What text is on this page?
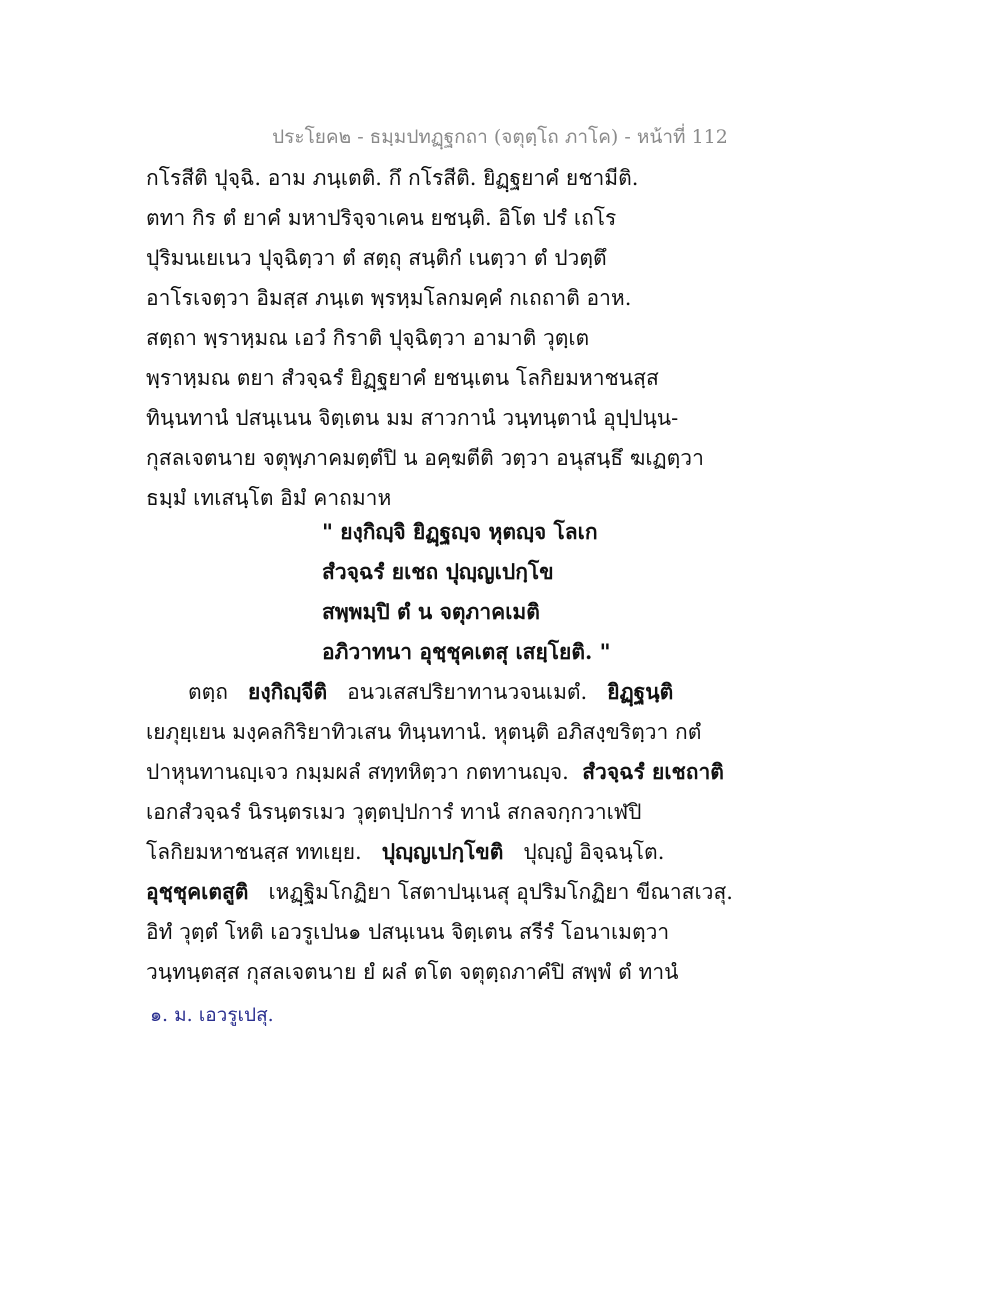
ประโยค๒ - ธมฺมปทฏฺฐกถา (จตุตฺโถ ภาโค) - หน้าที่ 112
กโรสีติ ปุจฺฉิ. อาม ภนฺเตติ. กึ กโรสีติ. ยิฏฺฐยาคํ ยชามีติ.
ตทา กิร ตํ ยาคํ มหาปริจฺจาเคน ยชนฺติ. อิโต ปรํ เถโร
ปุริมนเยเนว ปุจฺฉิตฺวา ตํ สตฺถุ สนฺติกํ เนตฺวา ตํ ปวตฺตึ
อาโรเจตฺวา อิมสฺส ภนฺเต พฺรหฺมโลกมคฺคํ กเถถาติ อาห.
สตฺถา พฺราหฺมณ เอวํ กิราติ ปุจฺฉิตฺวา อามาติ วุตฺเต
พฺราหฺมณ ตยา สํวจฺฉรํ ยิฏฺฐยาคํ ยชนฺเตน โลกิยมหาชนสฺส
ทินฺนทานํ ปสนฺเนน จิตฺเตน มม สาวกานํ วนฺทนฺตานํ อุปฺปนฺน-
กุสลเจตนาย จตุพฺภาคมตฺตํปิ น อคฺฆตีติ วตฺวา อนุสนฺธึ ฆเฏตฺวา
ธมฺมํ เทเสนฺโต อิมํ คาถมาห
" ยงฺกิญฺจิ ยิฏฺฐญฺจ หุตญฺจ โลเก
สํวจฺฉรํ ยเชถ ปุญฺญเปกฺโข
สพฺพมฺปิ ตํ น จตุภาคเมติ
อภิวาทนา อุชฺชุคเตสุ เสยฺโยติ. "
ตตฺถ ยงฺกิญฺจีติ อนวเสสปริยาทานวจนเมตํ. ยิฏฺฐนฺติ
เยภุยฺเยน มงฺคลกิริยาทิวเสน ทินฺนทานํ. หุตนฺติ อภิสงฺขริตฺวา กตํ
ปาหุนทานญฺเจว กมฺมผลํ สทฺทหิตฺวา กตทานญฺจ. สํวจฺฉรํ ยเชถาติ
เอกสํวจฺฉรํ นิรนฺตรเมว วุตฺตปฺปการํ ทานํ สกลจกฺกวาเฬปิ
โลกิยมหาชนสฺส ททเยฺย. ปุญฺญเปกฺโขติ ปุญฺญํ อิจฺฉนฺโต.
อุชฺชุคเตสูติ เหฏฺฐิมโกฏิยา โสตาปนฺเนสุ อุปริมโกฏิยา ขีณาสเวสุ.
อิทํ วุตฺตํ โหติ เอวรูเปน๑ ปสนฺเนน จิตฺเตน สรีรํ โอนาเมตฺวา
วนฺทนฺตสฺส กุสลเจตนาย ยํ ผลํ ตโต จตุตฺถภาคํปิ สพฺพํ ตํ ทานํ
๑. ม. เอวรูเปสุ.
